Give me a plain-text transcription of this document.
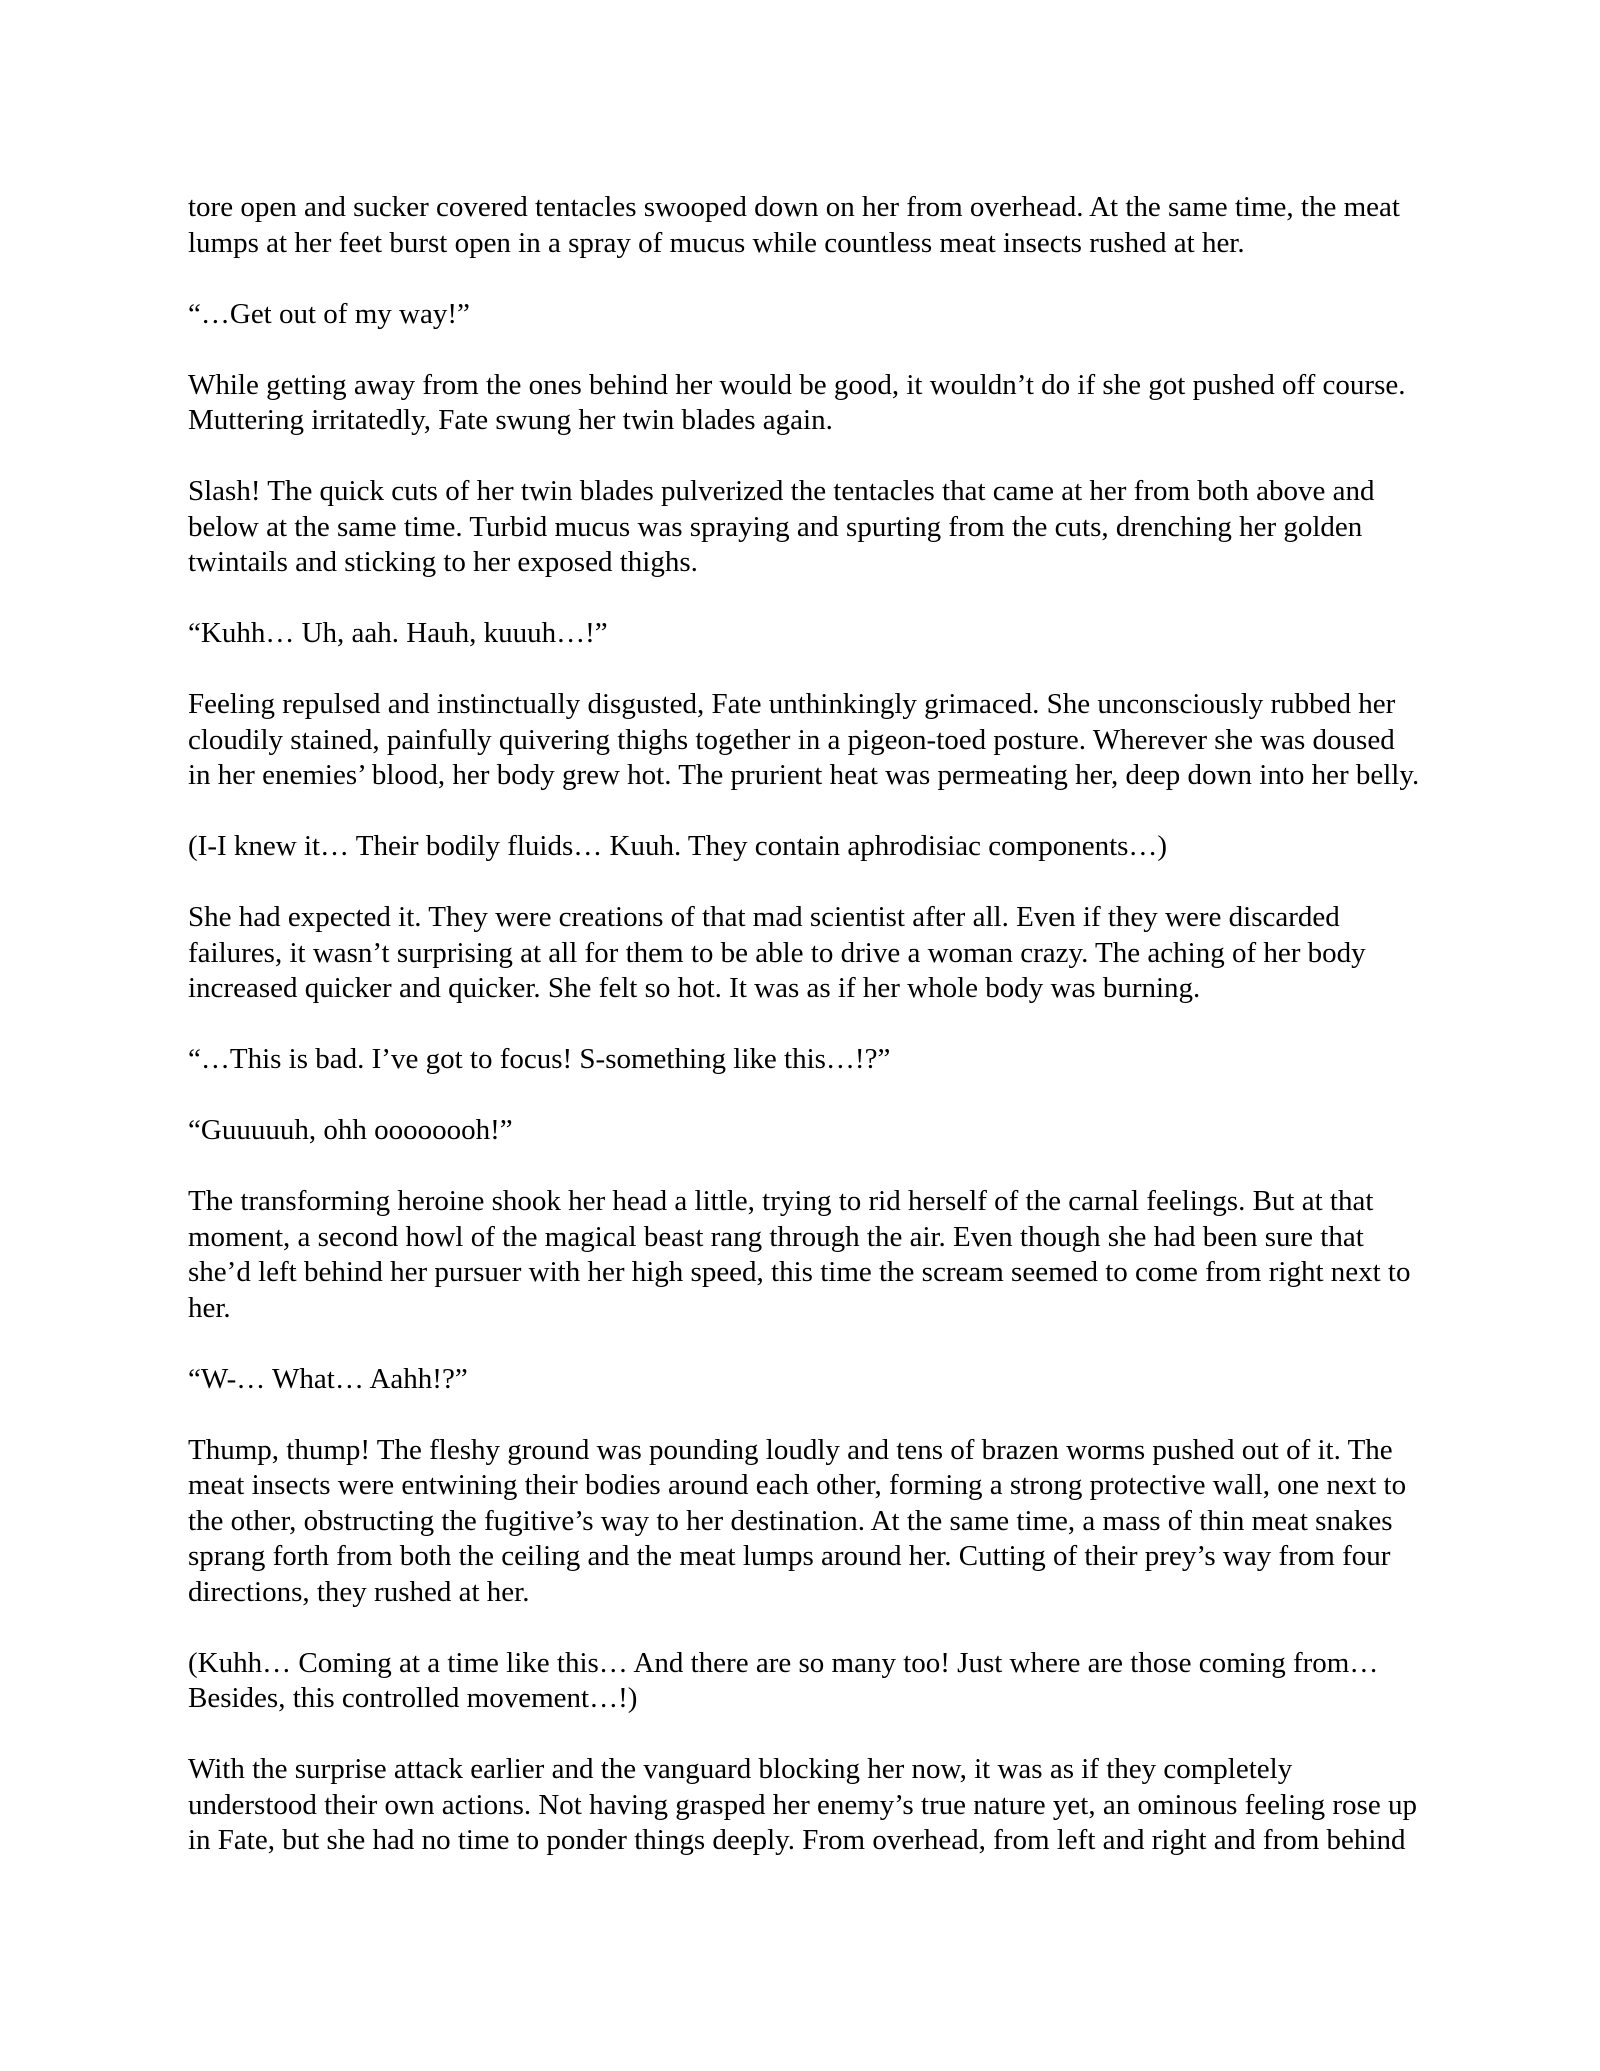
tore open and sucker covered tentacles swooped down on her from overhead. At the same time, the meat
lumps at her feet burst open in a spray of mucus while countless meat insects rushed at her.

“…Get out of my way!”

While getting away from the ones behind her would be good, it wouldn’t do if she got pushed off course.
Muttering irritatedly, Fate swung her twin blades again.

Slash! The quick cuts of her twin blades pulverized the tentacles that came at her from both above and
below at the same time. Turbid mucus was spraying and spurting from the cuts, drenching her golden
twintails and sticking to her exposed thighs.

“Kuhh… Uh, aah. Hauh, kuuuh…!”

Feeling repulsed and instinctually disgusted, Fate unthinkingly grimaced. She unconsciously rubbed her
cloudily stained, painfully quivering thighs together in a pigeon-toed posture. Wherever she was doused
in her enemies’ blood, her body grew hot. The prurient heat was permeating her, deep down into her belly.

(I-I knew it… Their bodily fluids… Kuuh. They contain aphrodisiac components…)

She had expected it. They were creations of that mad scientist after all. Even if they were discarded
failures, it wasn’t surprising at all for them to be able to drive a woman crazy. The aching of her body
increased quicker and quicker. She felt so hot. It was as if her whole body was burning.

“…This is bad. I’ve got to focus! S-something like this…!?”

“Guuuuuh, ohh oooooooh!”

The transforming heroine shook her head a little, trying to rid herself of the carnal feelings. But at that
moment, a second howl of the magical beast rang through the air. Even though she had been sure that
she’d left behind her pursuer with her high speed, this time the scream seemed to come from right next to
her.

“W-… What… Aahh!?”

Thump, thump! The fleshy ground was pounding loudly and tens of brazen worms pushed out of it. The
meat insects were entwining their bodies around each other, forming a strong protective wall, one next to
the other, obstructing the fugitive’s way to her destination. At the same time, a mass of thin meat snakes
sprang forth from both the ceiling and the meat lumps around her. Cutting of their prey’s way from four
directions, they rushed at her.

(Kuhh… Coming at a time like this… And there are so many too! Just where are those coming from…
Besides, this controlled movement…!)

With the surprise attack earlier and the vanguard blocking her now, it was as if they completely
understood their own actions. Not having grasped her enemy’s true nature yet, an ominous feeling rose up
in Fate, but she had no time to ponder things deeply. From overhead, from left and right and from behind
